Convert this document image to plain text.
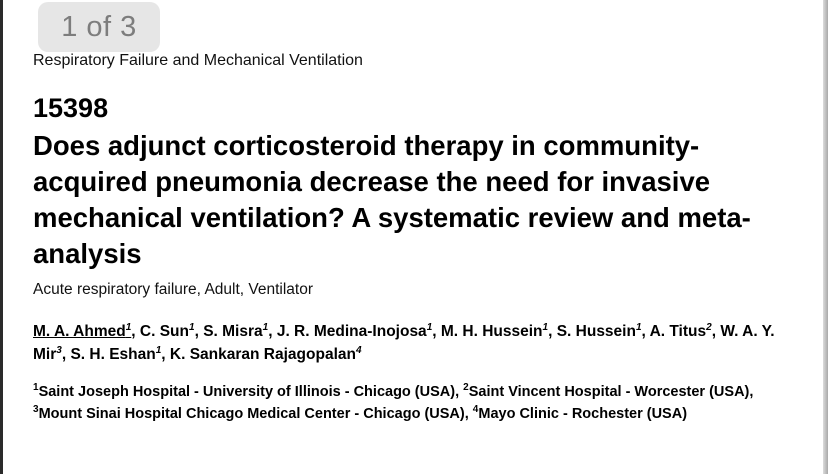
1 of 3
Respiratory Failure and Mechanical Ventilation
15398
Does adjunct corticosteroid therapy in community-acquired pneumonia decrease the need for invasive mechanical ventilation? A systematic review and meta-analysis
Acute respiratory failure, Adult, Ventilator
M. A. Ahmed$^1$, C. Sun$^1$, S. Misra$^1$, J. R. Medina-Inojosa$^1$, M. H. Hussein$^1$, S. Hussein$^1$, A. Titus$^2$, W. A. Y. Mir$^3$, S. H. Eshan$^1$, K. Sankaran Rajagopalan$^4$
$^1$Saint Joseph Hospital - University of Illinois - Chicago (USA), $^2$Saint Vincent Hospital - Worcester (USA), $^3$Mount Sinai Hospital Chicago Medical Center - Chicago (USA), $^4$Mayo Clinic - Rochester (USA)
